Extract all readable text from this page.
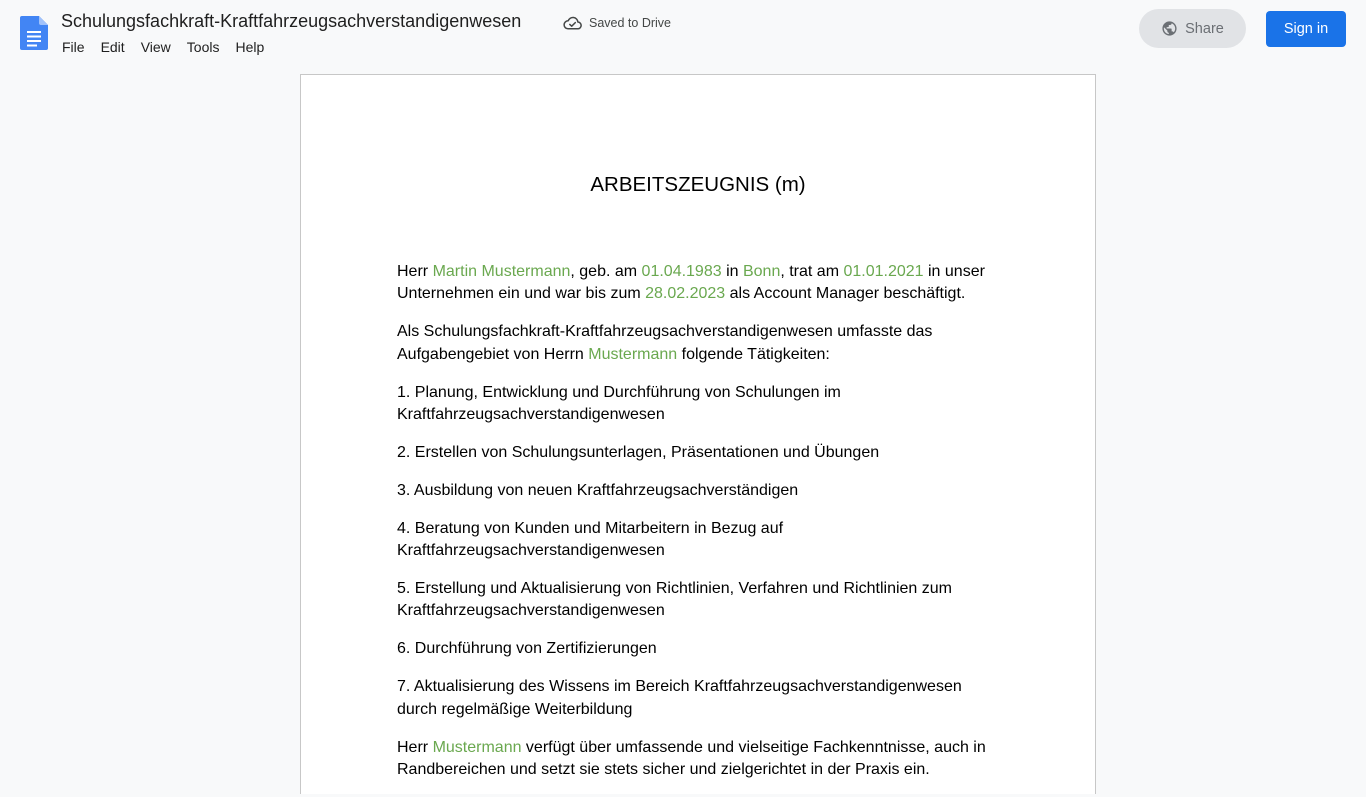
Schulungsfachkraft-Kraftfahrzeugsachverstandigenwesen	Saved to Drive
File	Edit	View	Tools	Help
Share	Sign in
ARBEITSZEUGNIS (m)

Herr Martin Mustermann, geb. am 01.04.1983 in Bonn, trat am 01.01.2021 in unser Unternehmen ein und war bis zum 28.02.2023 als Account Manager beschäftigt.

Als Schulungsfachkraft-Kraftfahrzeugsachverstandigenwesen umfasste das Aufgabengebiet von Herrn Mustermann folgende Tätigkeiten:

1. Planung, Entwicklung und Durchführung von Schulungen im Kraftfahrzeugsachverstandigenwesen

2. Erstellen von Schulungsunterlagen, Präsentationen und Übungen

3. Ausbildung von neuen Kraftfahrzeugsachverständigen

4. Beratung von Kunden und Mitarbeitern in Bezug auf Kraftfahrzeugsachverstandigenwesen

5. Erstellung und Aktualisierung von Richtlinien, Verfahren und Richtlinien zum Kraftfahrzeugsachverstandigenwesen

6. Durchführung von Zertifizierungen

7. Aktualisierung des Wissens im Bereich Kraftfahrzeugsachverstandigenwesen durch regelmäßige Weiterbildung

Herr Mustermann verfügt über umfassende und vielseitige Fachkenntnisse, auch in Randbereichen und setzt sie stets sicher und zielgerichtet in der Praxis ein.
